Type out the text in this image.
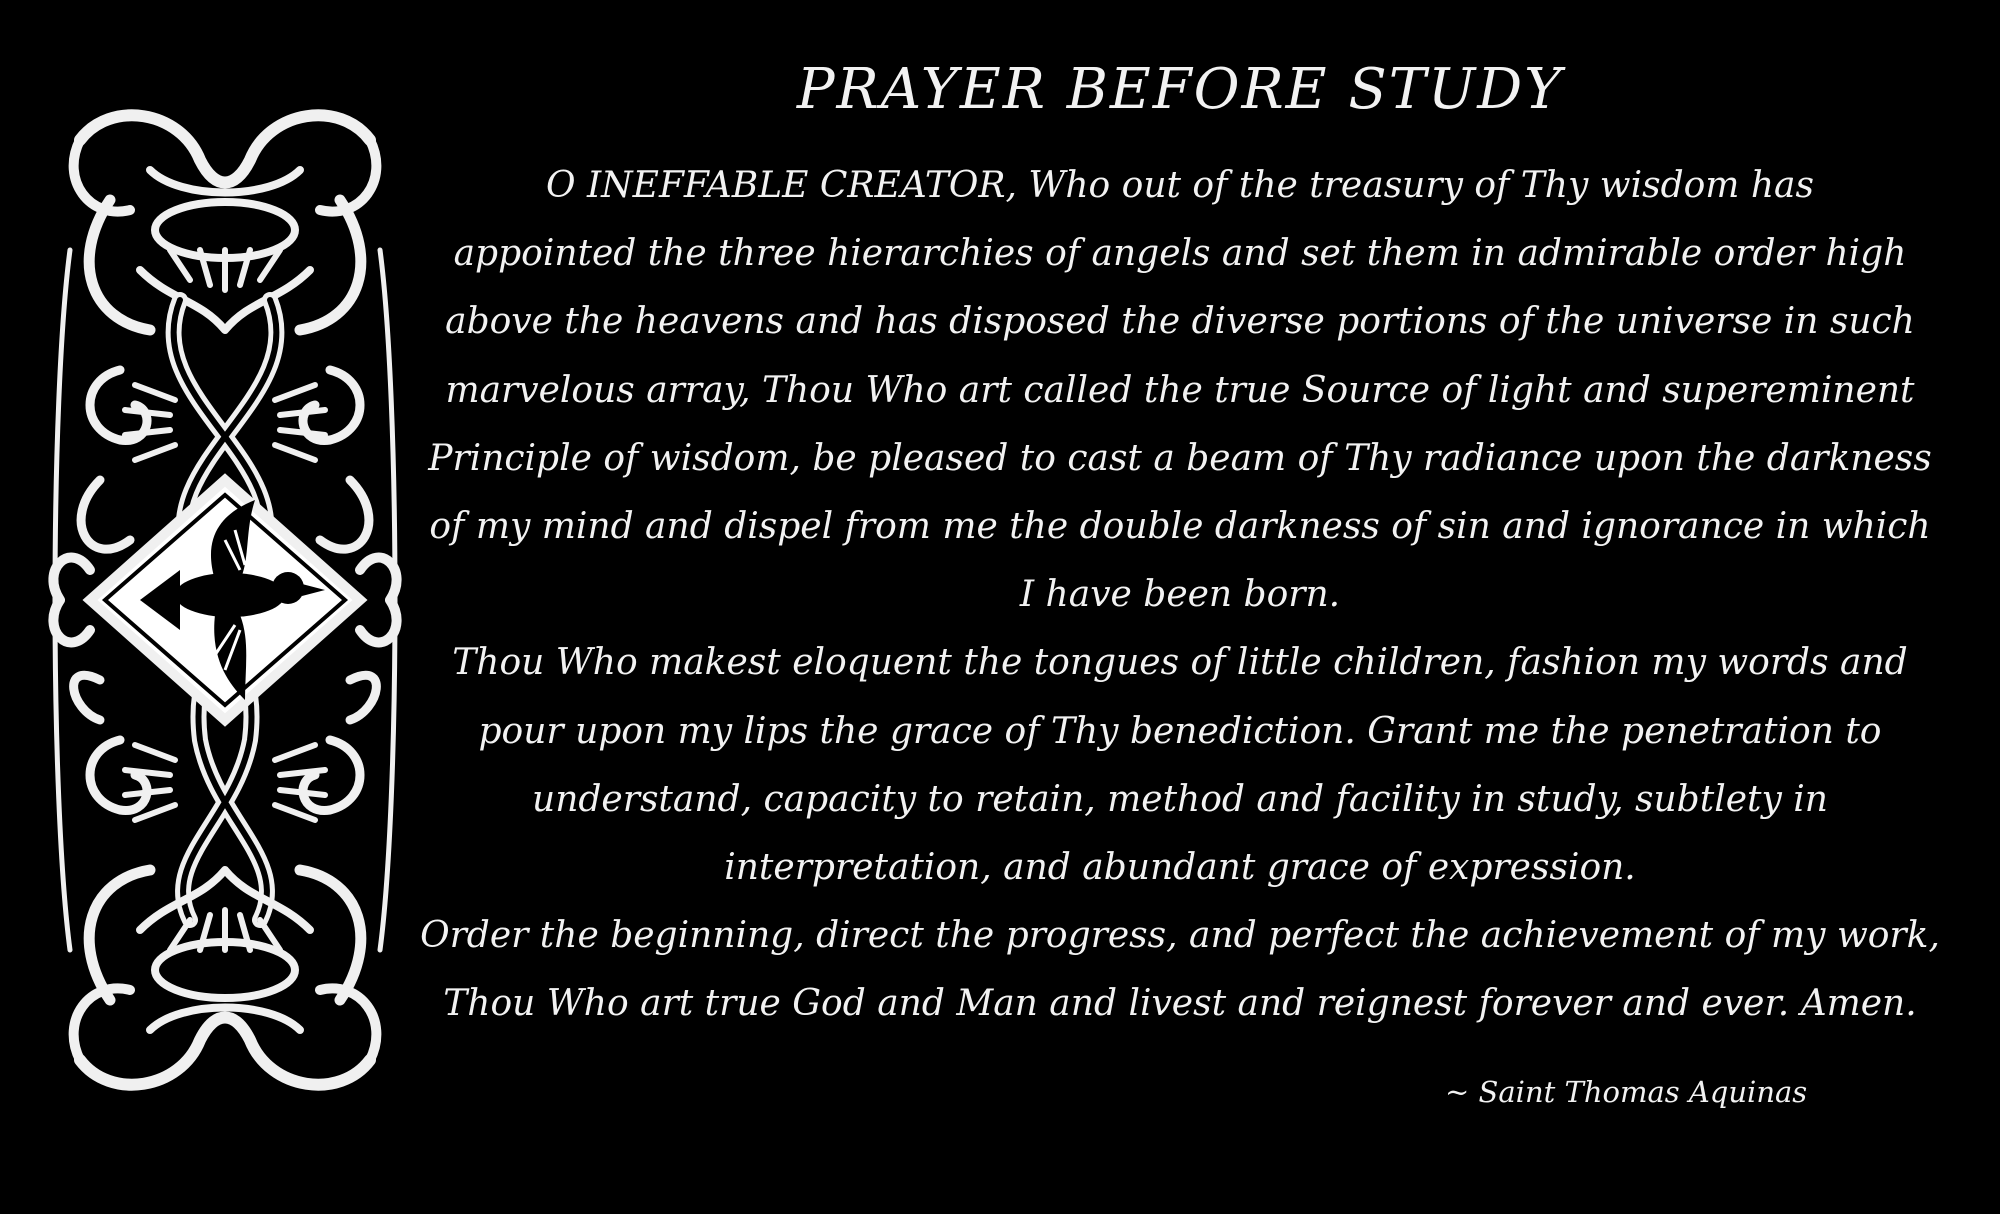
PRAYER BEFORE STUDY
O INEFFABLE CREATOR, Who out of the treasury of Thy wisdom has
appointed the three hierarchies of angels and set them in admirable order high
above the heavens and has disposed the diverse portions of the universe in such
marvelous array, Thou Who art called the true Source of light and supereminent
Principle of wisdom, be pleased to cast a beam of Thy radiance upon the darkness
of my mind and dispel from me the double darkness of sin and ignorance in which
I have been born.
Thou Who makest eloquent the tongues of little children, fashion my words and
pour upon my lips the grace of Thy benediction. Grant me the penetration to
understand, capacity to retain, method and facility in study, subtlety in
interpretation, and abundant grace of expression.
Order the beginning, direct the progress, and perfect the achievement of my work,
Thou Who art true God and Man and livest and reignest forever and ever. Amen.
~ Saint Thomas Aquinas
